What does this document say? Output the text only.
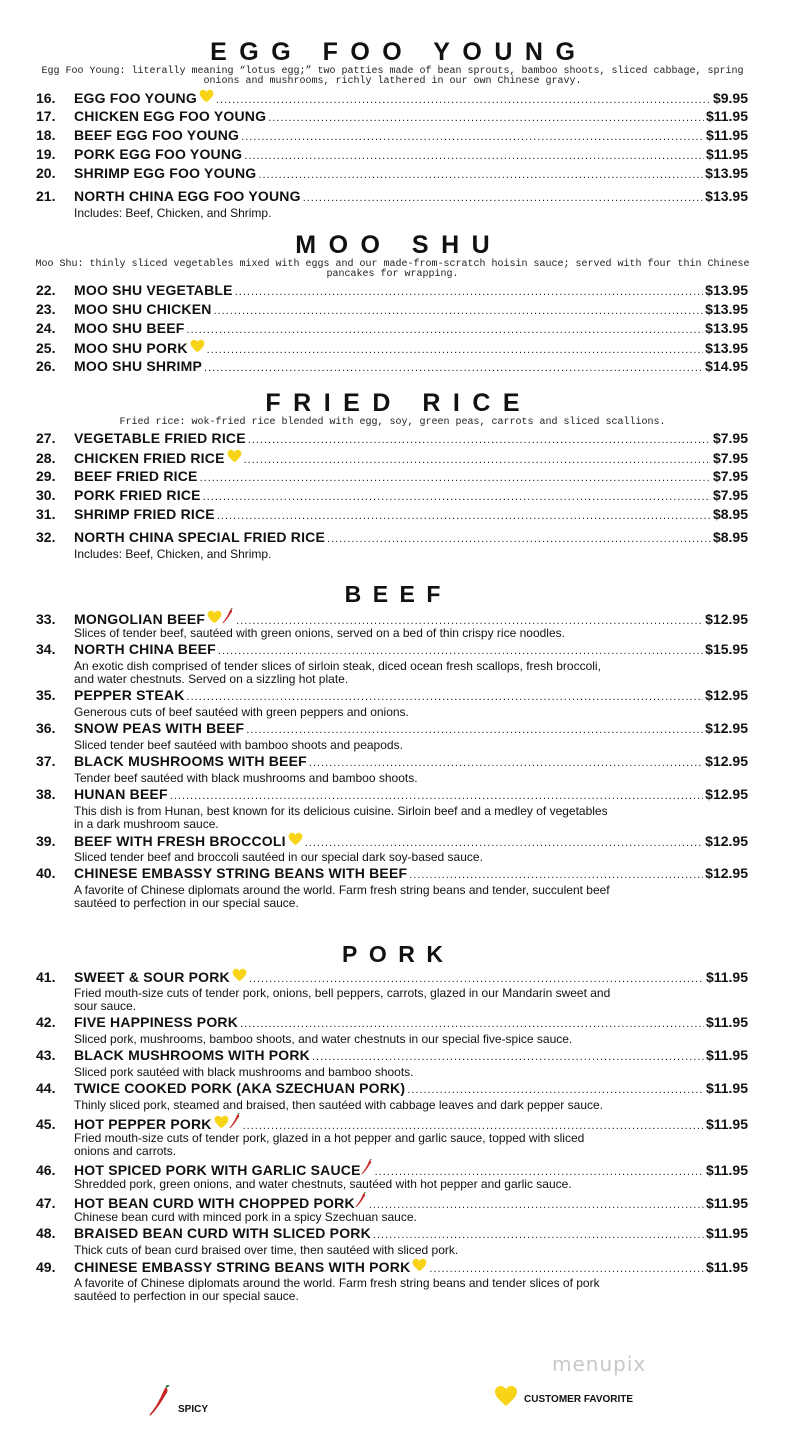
EGG FOO YOUNG
Egg Foo Young: literally meaning “lotus egg;” two patties made of bean sprouts, bamboo shoots, sliced cabbage, spring onions and mushrooms, richly lathered in our own Chinese gravy.
16.	EGG FOO YOUNG .....	$9.95
17.	CHICKEN EGG FOO YOUNG .....	$11.95
18.	BEEF EGG FOO YOUNG .....	$11.95
19.	PORK EGG FOO YOUNG .....	$11.95
20.	SHRIMP EGG FOO YOUNG .....	$13.95
21.	NORTH CHINA EGG FOO YOUNG .....	$13.95
Includes: Beef, Chicken, and Shrimp.
MOO SHU
Moo Shu: thinly sliced vegetables mixed with eggs and our made-from-scratch hoisin sauce; served with four thin Chinese pancakes for wrapping.
22.	MOO SHU VEGETABLE .....	$13.95
23.	MOO SHU CHICKEN .....	$13.95
24.	MOO SHU BEEF .....	$13.95
25.	MOO SHU PORK .....	$13.95
26.	MOO SHU SHRIMP .....	$14.95
FRIED RICE
Fried rice: wok-fried rice blended with egg, soy, green peas, carrots and sliced scallions.
27.	VEGETABLE FRIED RICE .....	$7.95
28.	CHICKEN FRIED RICE .....	$7.95
29.	BEEF FRIED RICE .....	$7.95
30.	PORK FRIED RICE .....	$7.95
31.	SHRIMP FRIED RICE .....	$8.95
32.	NORTH CHINA SPECIAL FRIED RICE .....	$8.95
Includes: Beef, Chicken, and Shrimp.
BEEF
33.	MONGOLIAN BEEF .....	$12.95
Slices of tender beef, sautéed with green onions, served on a bed of thin crispy rice noodles.
34.	NORTH CHINA BEEF .....	$15.95
An exotic dish comprised of tender slices of sirloin steak, diced ocean fresh scallops, fresh broccoli, and water chestnuts. Served on a sizzling hot plate.
35.	PEPPER STEAK .....	$12.95
Generous cuts of beef sautéed with green peppers and onions.
36.	SNOW PEAS WITH BEEF .....	$12.95
Sliced tender beef sautéed with bamboo shoots and peapods.
37.	BLACK MUSHROOMS WITH BEEF .....	$12.95
Tender beef sautéed with black mushrooms and bamboo shoots.
38.	HUNAN BEEF .....	$12.95
This dish is from Hunan, best known for its delicious cuisine. Sirloin beef and a medley of vegetables in a dark mushroom sauce.
39.	BEEF WITH FRESH BROCCOLI .....	$12.95
Sliced tender beef and broccoli sautéed in our special dark soy-based sauce.
40.	CHINESE EMBASSY STRING BEANS WITH BEEF .....	$12.95
A favorite of Chinese diplomats around the world. Farm fresh string beans and tender, succulent beef sautéed to perfection in our special sauce.
PORK
41.	SWEET & SOUR PORK .....	$11.95
Fried mouth-size cuts of tender pork, onions, bell peppers, carrots, glazed in our Mandarin sweet and sour sauce.
42.	FIVE HAPPINESS PORK .....	$11.95
Sliced pork, mushrooms, bamboo shoots, and water chestnuts in our special five-spice sauce.
43.	BLACK MUSHROOMS WITH PORK .....	$11.95
Sliced pork sautéed with black mushrooms and bamboo shoots.
44.	TWICE COOKED PORK (AKA SZECHUAN PORK) .....	$11.95
Thinly sliced pork, steamed and braised, then sautéed with cabbage leaves and dark pepper sauce.
45.	HOT PEPPER PORK .....	$11.95
Fried mouth-size cuts of tender pork, glazed in a hot pepper and garlic sauce, topped with sliced onions and carrots.
46.	HOT SPICED PORK WITH GARLIC SAUCE .....	$11.95
Shredded pork, green onions, and water chestnuts, sautéed with hot pepper and garlic sauce.
47.	HOT BEAN CURD WITH CHOPPED PORK .....	$11.95
Chinese bean curd with minced pork in a spicy Szechuan sauce.
48.	BRAISED BEAN CURD WITH SLICED PORK .....	$11.95
Thick cuts of bean curd braised over time, then sautéed with sliced pork.
49.	CHINESE EMBASSY STRING BEANS WITH PORK .....	$11.95
A favorite of Chinese diplomats around the world. Farm fresh string beans and tender slices of pork sautéed to perfection in our special sauce.
menupix
SPICY
CUSTOMER FAVORITE
